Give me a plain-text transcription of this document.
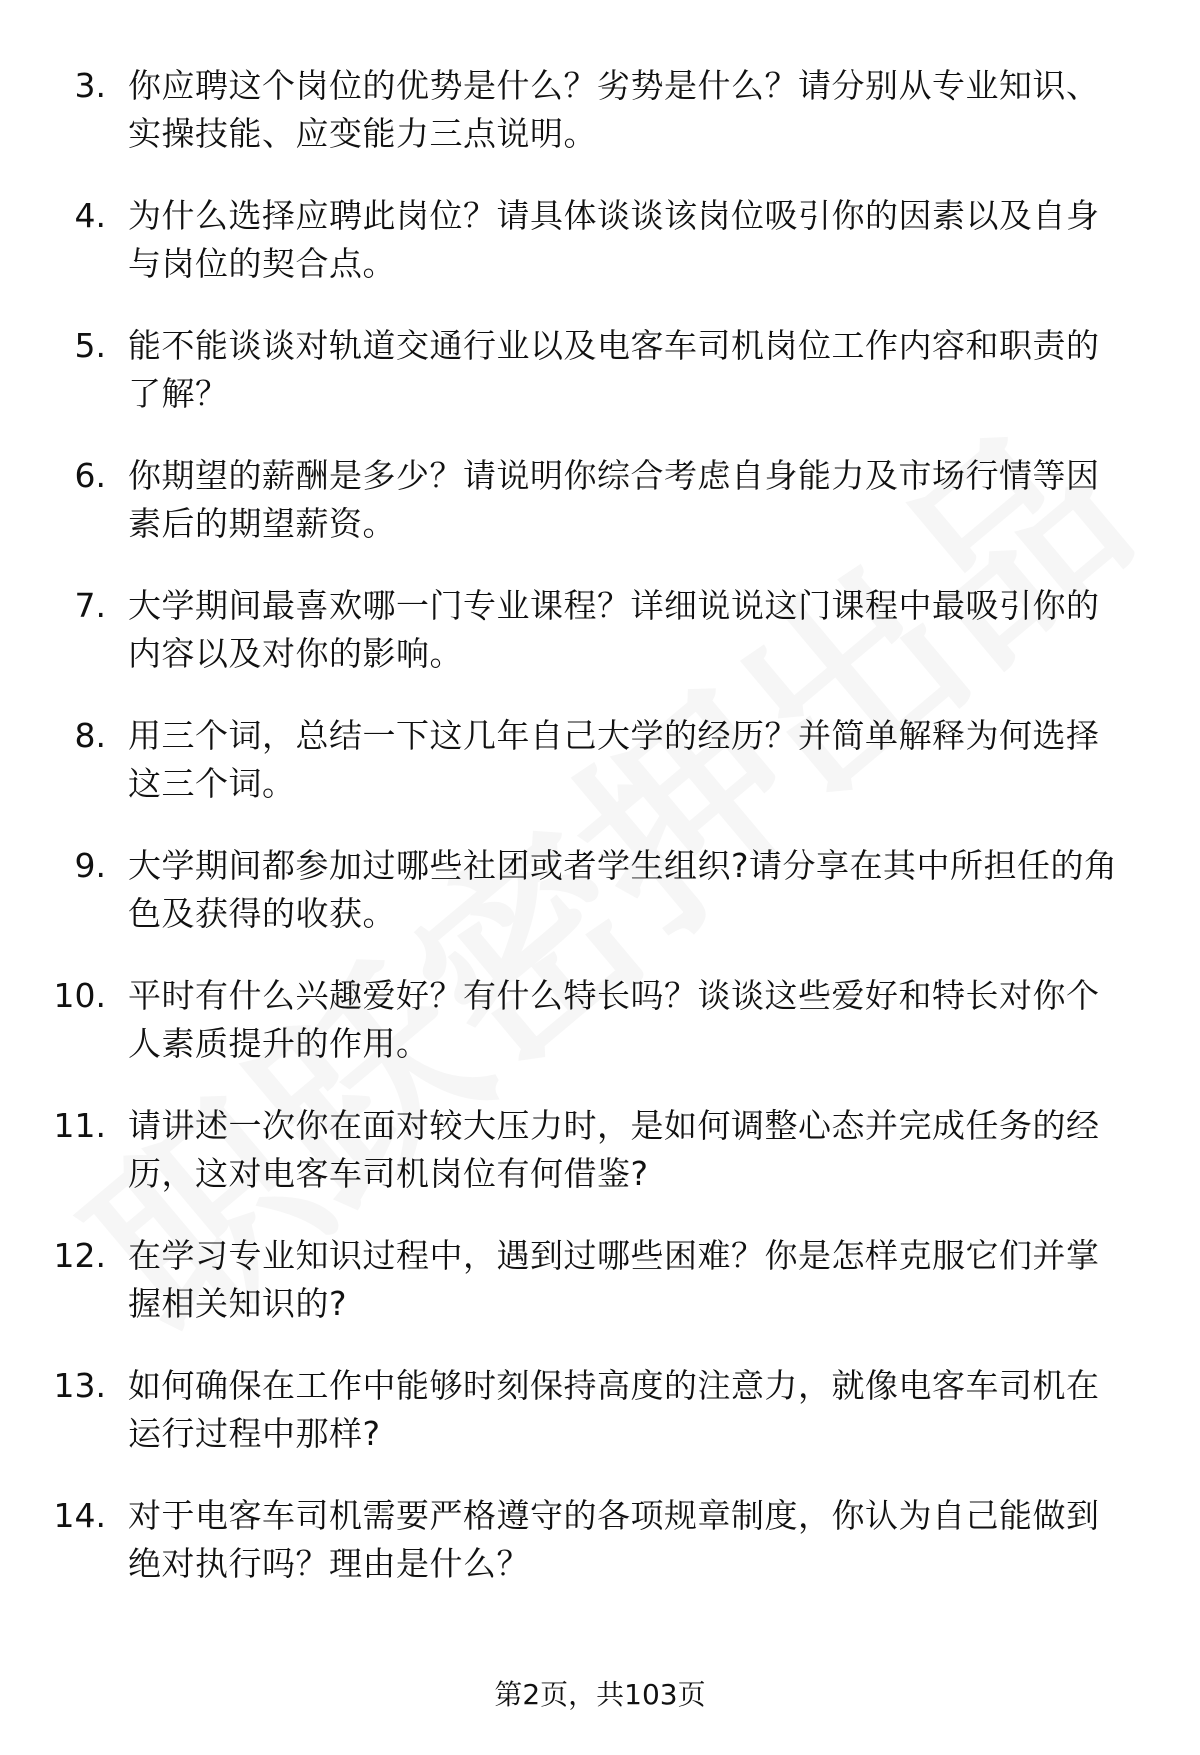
3. 你应聘这个岗位的优势是什么？劣势是什么？请分别从专业知识、实操技能、应变能力三点说明。
4. 为什么选择应聘此岗位？请具体谈谈该岗位吸引你的因素以及自身与岗位的契合点。
5. 能不能谈谈对轨道交通行业以及电客车司机岗位工作内容和职责的了解？
6. 你期望的薪酬是多少？请说明你综合考虑自身能力及市场行情等因素后的期望薪资。
7. 大学期间最喜欢哪一门专业课程？详细说说这门课程中最吸引你的内容以及对你的影响。
8. 用三个词，总结一下这几年自己大学的经历？并简单解释为何选择这三个词。
9. 大学期间都参加过哪些社团或者学生组织?请分享在其中所担任的角色及获得的收获。
10. 平时有什么兴趣爱好？有什么特长吗？谈谈这些爱好和特长对你个人素质提升的作用。
11. 请讲述一次你在面对较大压力时，是如何调整心态并完成任务的经历，这对电客车司机岗位有何借鉴?
12. 在学习专业知识过程中，遇到过哪些困难？你是怎样克服它们并掌握相关知识的?
13. 如何确保在工作中能够时刻保持高度的注意力，就像电客车司机在运行过程中那样?
14. 对于电客车司机需要严格遵守的各项规章制度，你认为自己能做到绝对执行吗？理由是什么？
第2页，共103页
